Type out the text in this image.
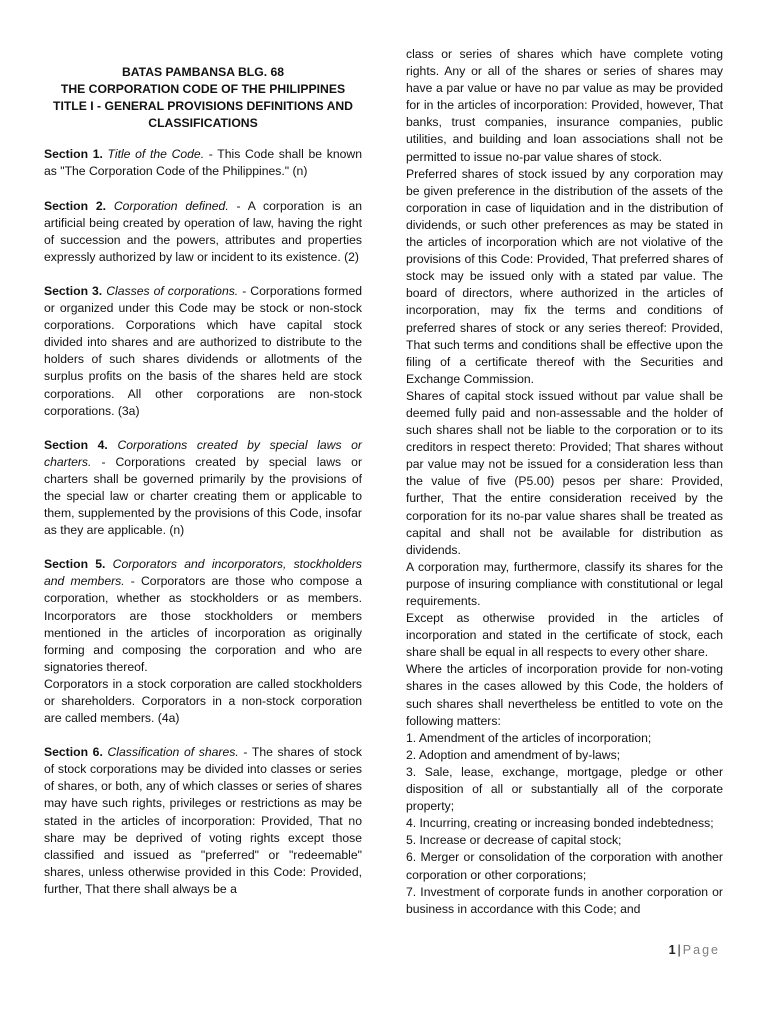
BATAS PAMBANSA BLG. 68
THE CORPORATION CODE OF THE PHILIPPINES
TITLE I - GENERAL PROVISIONS DEFINITIONS AND
CLASSIFICATIONS

Section 1. Title of the Code. - This Code shall be known as "The Corporation Code of the Philippines." (n)

Section 2. Corporation defined. - A corporation is an artificial being created by operation of law, having the right of succession and the powers, attributes and properties expressly authorized by law or incident to its existence. (2)

Section 3. Classes of corporations. - Corporations formed or organized under this Code may be stock or non-stock corporations. Corporations which have capital stock divided into shares and are authorized to distribute to the holders of such shares dividends or allotments of the surplus profits on the basis of the shares held are stock corporations. All other corporations are non-stock corporations. (3a)

Section 4. Corporations created by special laws or charters. - Corporations created by special laws or charters shall be governed primarily by the provisions of the special law or charter creating them or applicable to them, supplemented by the provisions of this Code, insofar as they are applicable. (n)

Section 5. Corporators and incorporators, stockholders and members. - Corporators are those who compose a corporation, whether as stockholders or as members. Incorporators are those stockholders or members mentioned in the articles of incorporation as originally forming and composing the corporation and who are signatories thereof.

Corporators in a stock corporation are called stockholders or shareholders. Corporators in a non-stock corporation are called members. (4a)

Section 6. Classification of shares. - The shares of stock of stock corporations may be divided into classes or series of shares, or both, any of which classes or series of shares may have such rights, privileges or restrictions as may be stated in the articles of incorporation: Provided, That no share may be deprived of voting rights except those classified and issued as "preferred" or "redeemable" shares, unless otherwise provided in this Code: Provided, further, That there shall always be a

class or series of shares which have complete voting rights. Any or all of the shares or series of shares may have a par value or have no par value as may be provided for in the articles of incorporation: Provided, however, That banks, trust companies, insurance companies, public utilities, and building and loan associations shall not be permitted to issue no-par value shares of stock.

Preferred shares of stock issued by any corporation may be given preference in the distribution of the assets of the corporation in case of liquidation and in the distribution of dividends, or such other preferences as may be stated in the articles of incorporation which are not violative of the provisions of this Code: Provided, That preferred shares of stock may be issued only with a stated par value. The board of directors, where authorized in the articles of incorporation, may fix the terms and conditions of preferred shares of stock or any series thereof: Provided, That such terms and conditions shall be effective upon the filing of a certificate thereof with the Securities and Exchange Commission.

Shares of capital stock issued without par value shall be deemed fully paid and non-assessable and the holder of such shares shall not be liable to the corporation or to its creditors in respect thereto: Provided; That shares without par value may not be issued for a consideration less than the value of five (P5.00) pesos per share: Provided, further, That the entire consideration received by the corporation for its no-par value shares shall be treated as capital and shall not be available for distribution as dividends.

A corporation may, furthermore, classify its shares for the purpose of insuring compliance with constitutional or legal requirements.

Except as otherwise provided in the articles of incorporation and stated in the certificate of stock, each share shall be equal in all respects to every other share.

Where the articles of incorporation provide for non-voting shares in the cases allowed by this Code, the holders of such shares shall nevertheless be entitled to vote on the following matters:

1. Amendment of the articles of incorporation;

2. Adoption and amendment of by-laws;

3. Sale, lease, exchange, mortgage, pledge or other disposition of all or substantially all of the corporate property;

4. Incurring, creating or increasing bonded indebtedness;

5. Increase or decrease of capital stock;

6. Merger or consolidation of the corporation with another corporation or other corporations;

7. Investment of corporate funds in another corporation or business in accordance with this Code; and

1 | Page
